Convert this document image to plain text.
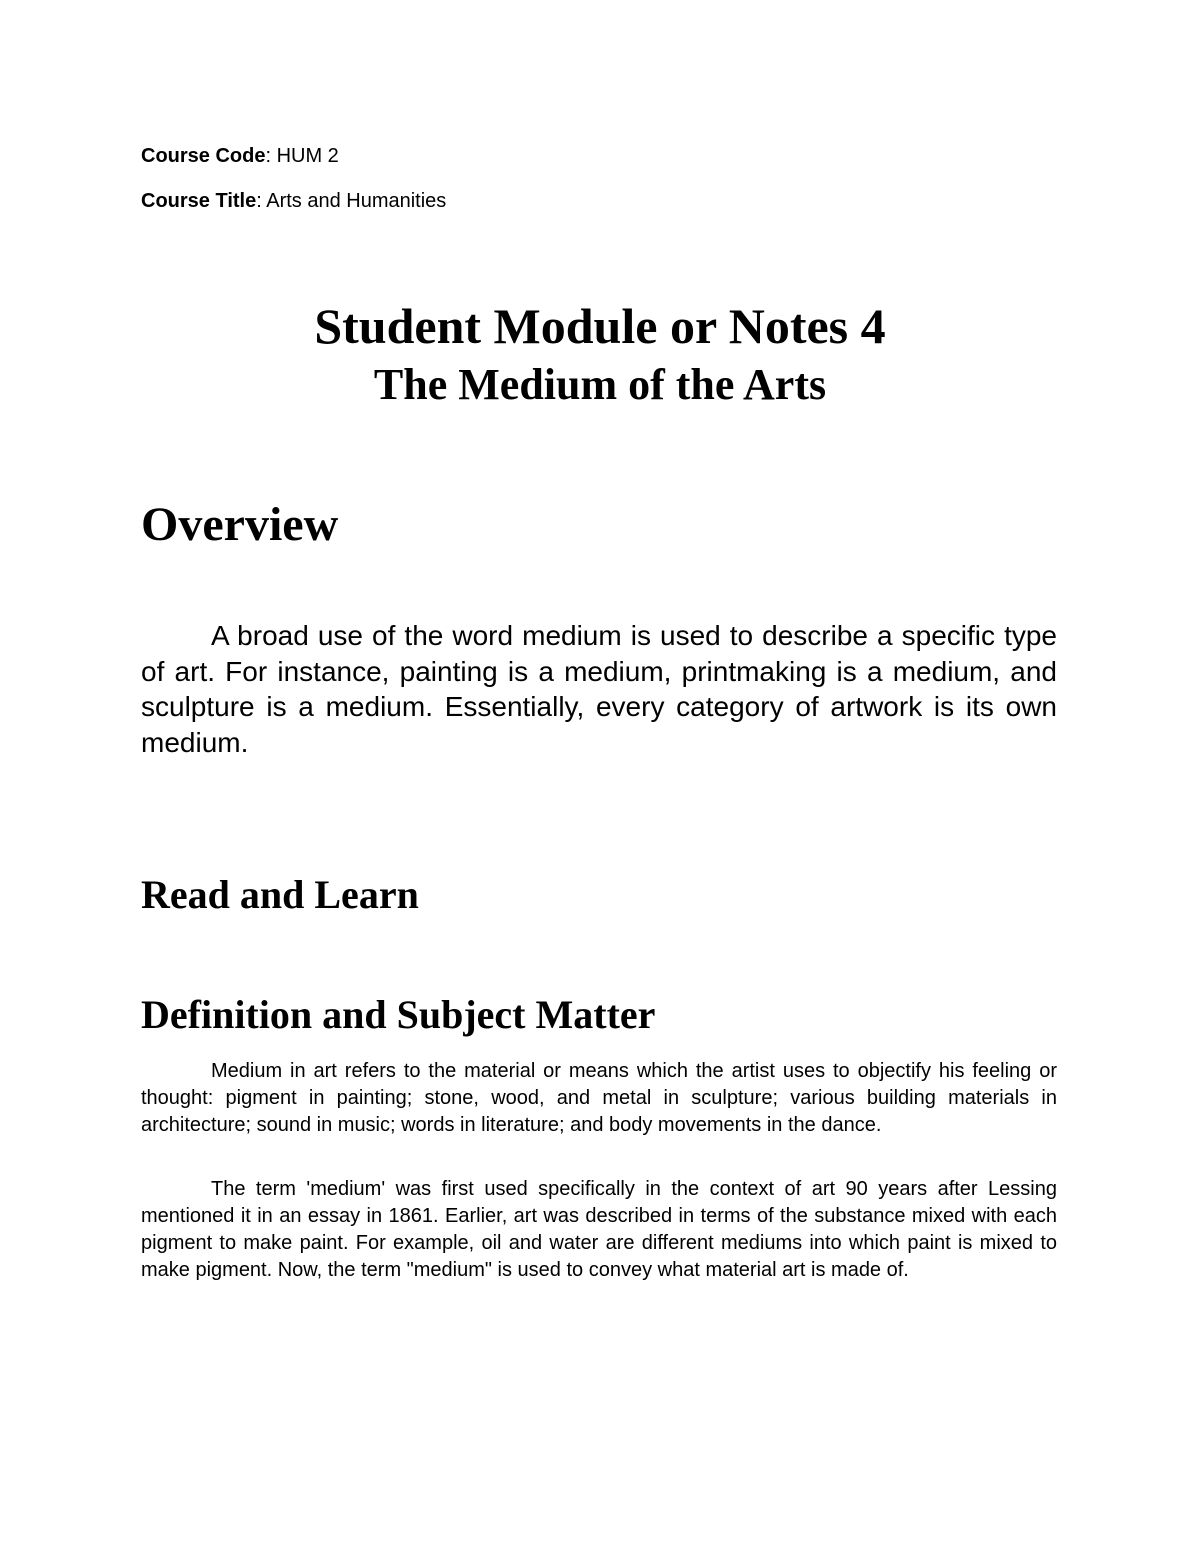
Course Code: HUM 2
Course Title: Arts and Humanities
Student Module or Notes 4
The Medium of the Arts
Overview

A broad use of the word medium is used to describe a specific type of art. For instance, painting is a medium, printmaking is a medium, and sculpture is a medium. Essentially, every category of artwork is its own medium.

Read and Learn
Definition and Subject Matter

Medium in art refers to the material or means which the artist uses to objectify his feeling or thought: pigment in painting; stone, wood, and metal in sculpture; various building materials in architecture; sound in music; words in literature; and body movements in the dance.

The term 'medium' was first used specifically in the context of art 90 years after Lessing mentioned it in an essay in 1861. Earlier, art was described in terms of the substance mixed with each pigment to make paint. For example, oil and water are different mediums into which paint is mixed to make pigment. Now, the term "medium" is used to convey what material art is made of.
